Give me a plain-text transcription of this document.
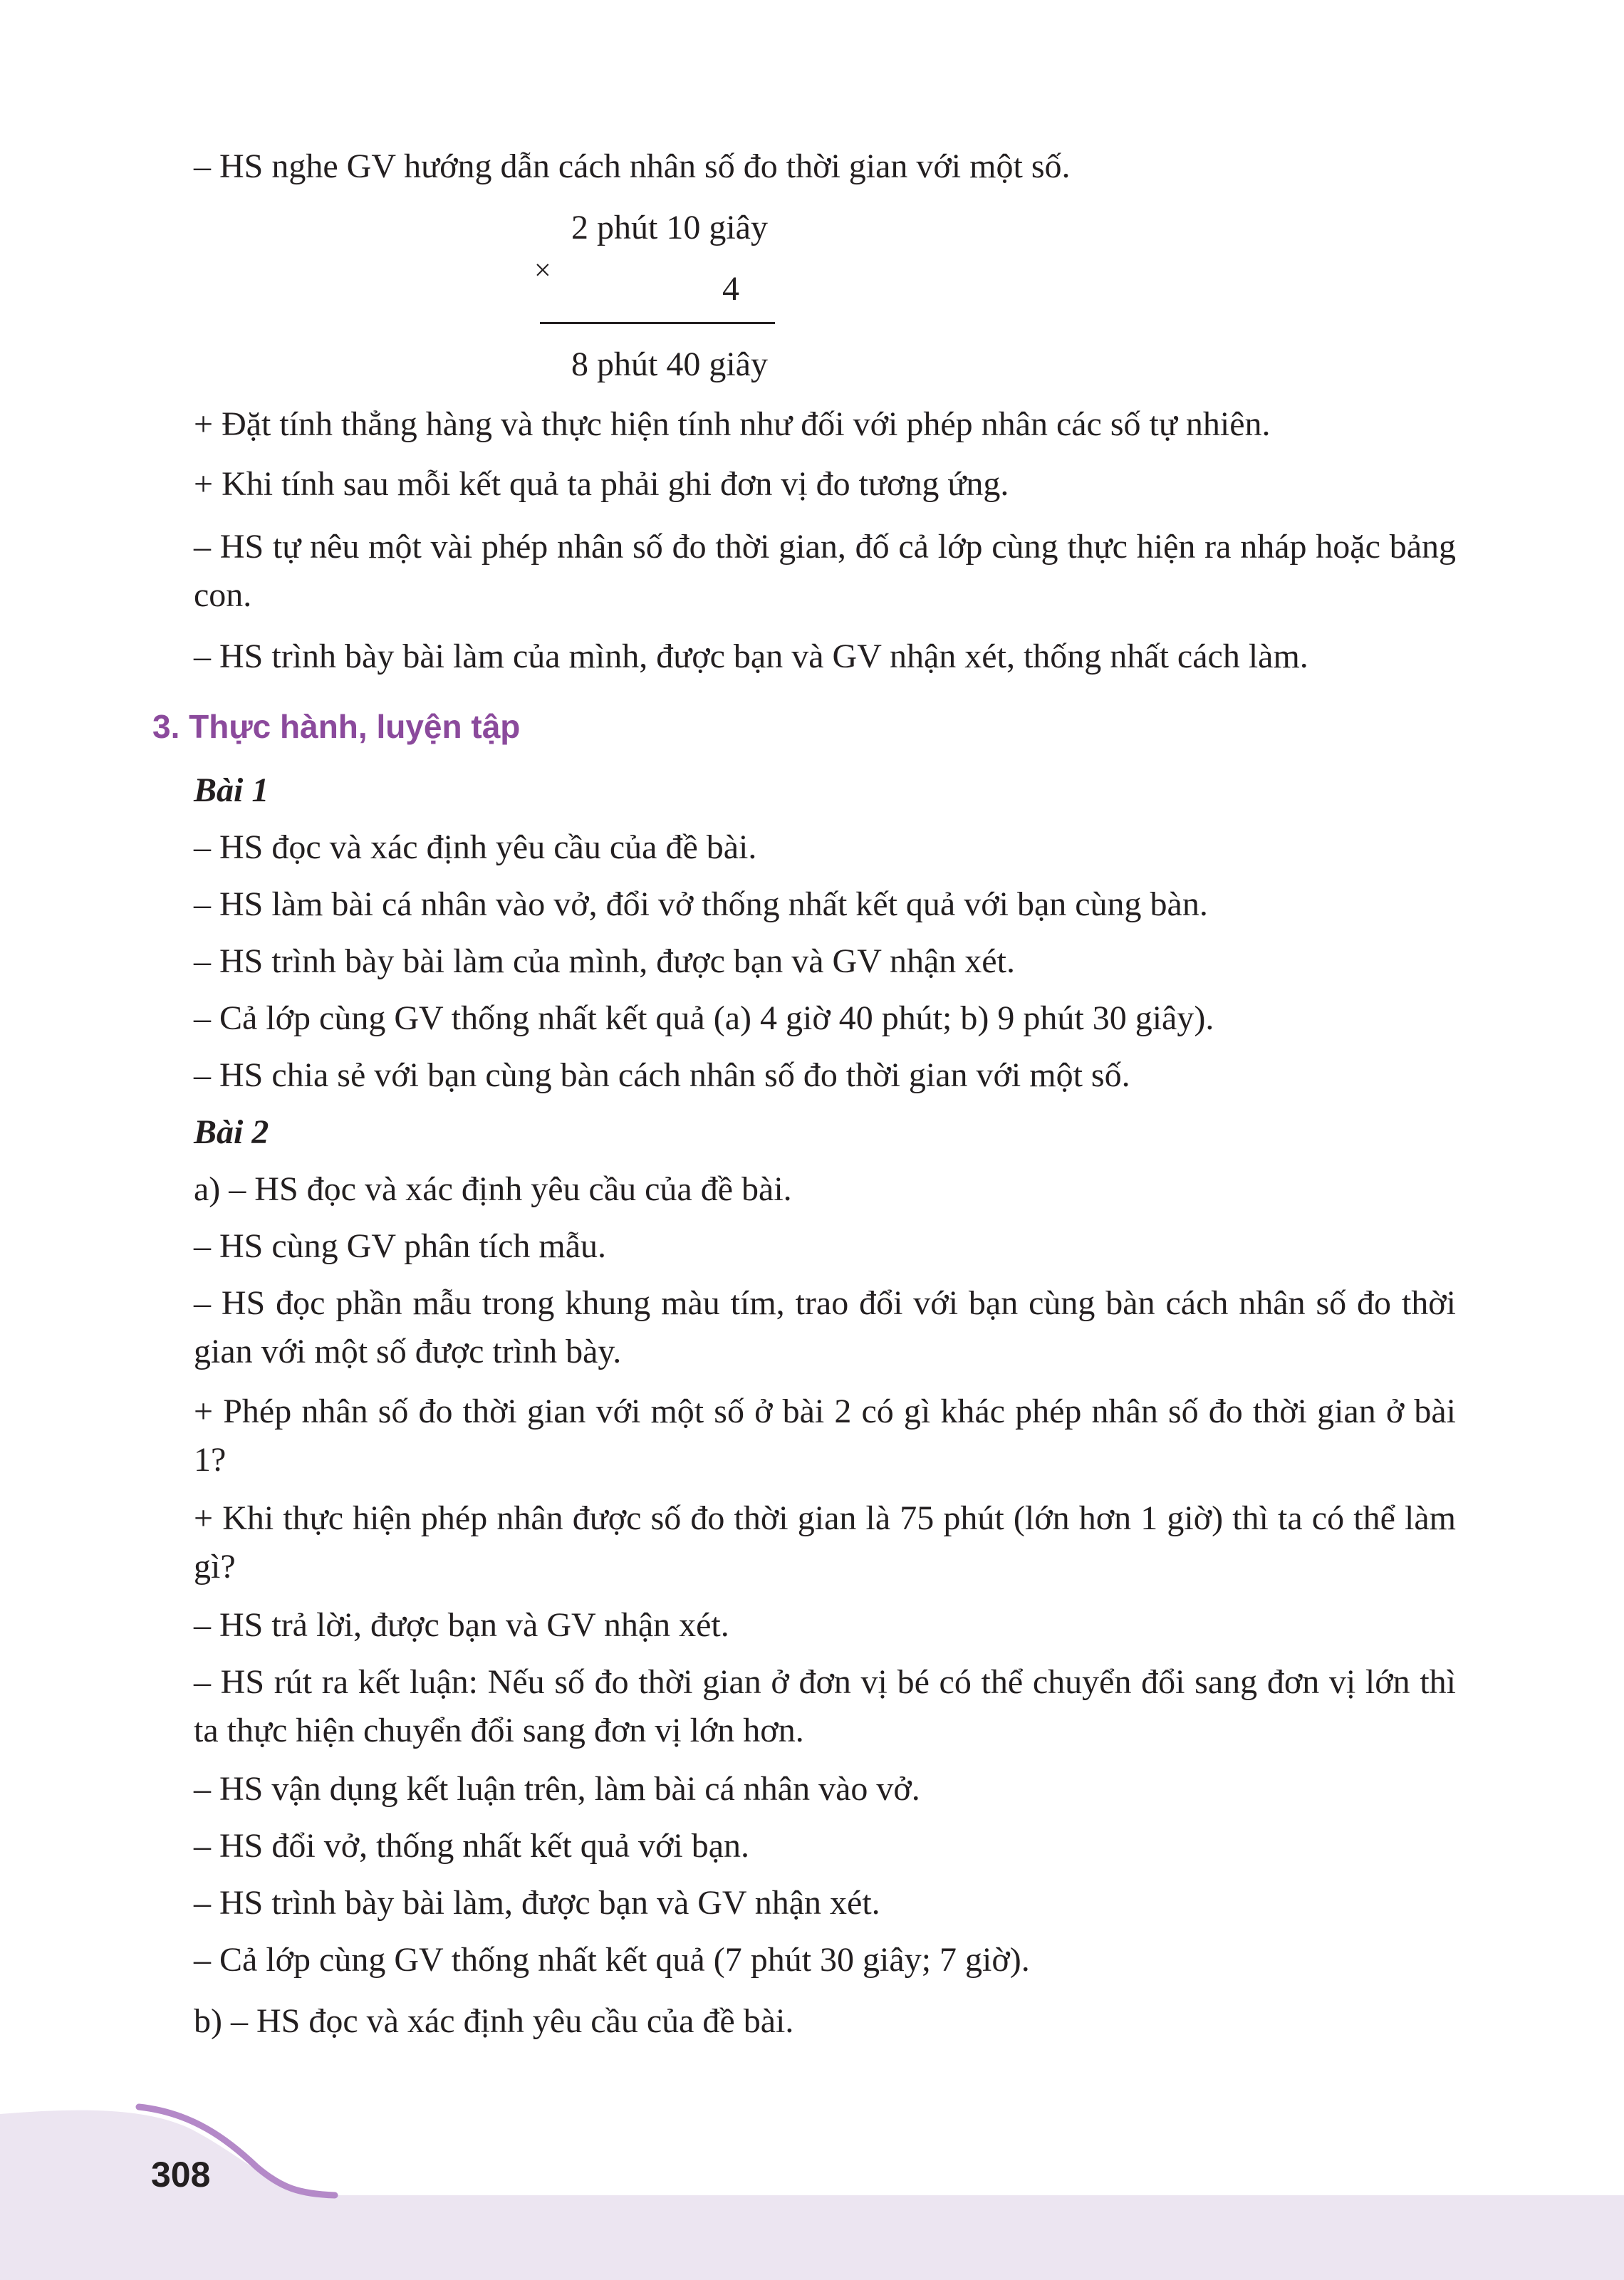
– HS nghe GV hướng dẫn cách nhân số đo thời gian với một số.
2 phút 10 giây
×	4
8 phút 40 giây
+ Đặt tính thẳng hàng và thực hiện tính như đối với phép nhân các số tự nhiên.
+ Khi tính sau mỗi kết quả ta phải ghi đơn vị đo tương ứng.
– HS tự nêu một vài phép nhân số đo thời gian, đố cả lớp cùng thực hiện ra nháp hoặc bảng con.
– HS trình bày bài làm của mình, được bạn và GV nhận xét, thống nhất cách làm.
3. Thực hành, luyện tập
Bài 1
– HS đọc và xác định yêu cầu của đề bài.
– HS làm bài cá nhân vào vở, đổi vở thống nhất kết quả với bạn cùng bàn.
– HS trình bày bài làm của mình, được bạn và GV nhận xét.
– Cả lớp cùng GV thống nhất kết quả (a) 4 giờ 40 phút; b) 9 phút 30 giây).
– HS chia sẻ với bạn cùng bàn cách nhân số đo thời gian với một số.
Bài 2
a) – HS đọc và xác định yêu cầu của đề bài.
– HS cùng GV phân tích mẫu.
– HS đọc phần mẫu trong khung màu tím, trao đổi với bạn cùng bàn cách nhân số đo thời gian với một số được trình bày.
+ Phép nhân số đo thời gian với một số ở bài 2 có gì khác phép nhân số đo thời gian ở bài 1?
+ Khi thực hiện phép nhân được số đo thời gian là 75 phút (lớn hơn 1 giờ) thì ta có thể làm gì?
– HS trả lời, được bạn và GV nhận xét.
– HS rút ra kết luận: Nếu số đo thời gian ở đơn vị bé có thể chuyển đổi sang đơn vị lớn thì ta thực hiện chuyển đổi sang đơn vị lớn hơn.
– HS vận dụng kết luận trên, làm bài cá nhân vào vở.
– HS đổi vở, thống nhất kết quả với bạn.
– HS trình bày bài làm, được bạn và GV nhận xét.
– Cả lớp cùng GV thống nhất kết quả (7 phút 30 giây; 7 giờ).
b) – HS đọc và xác định yêu cầu của đề bài.
308
